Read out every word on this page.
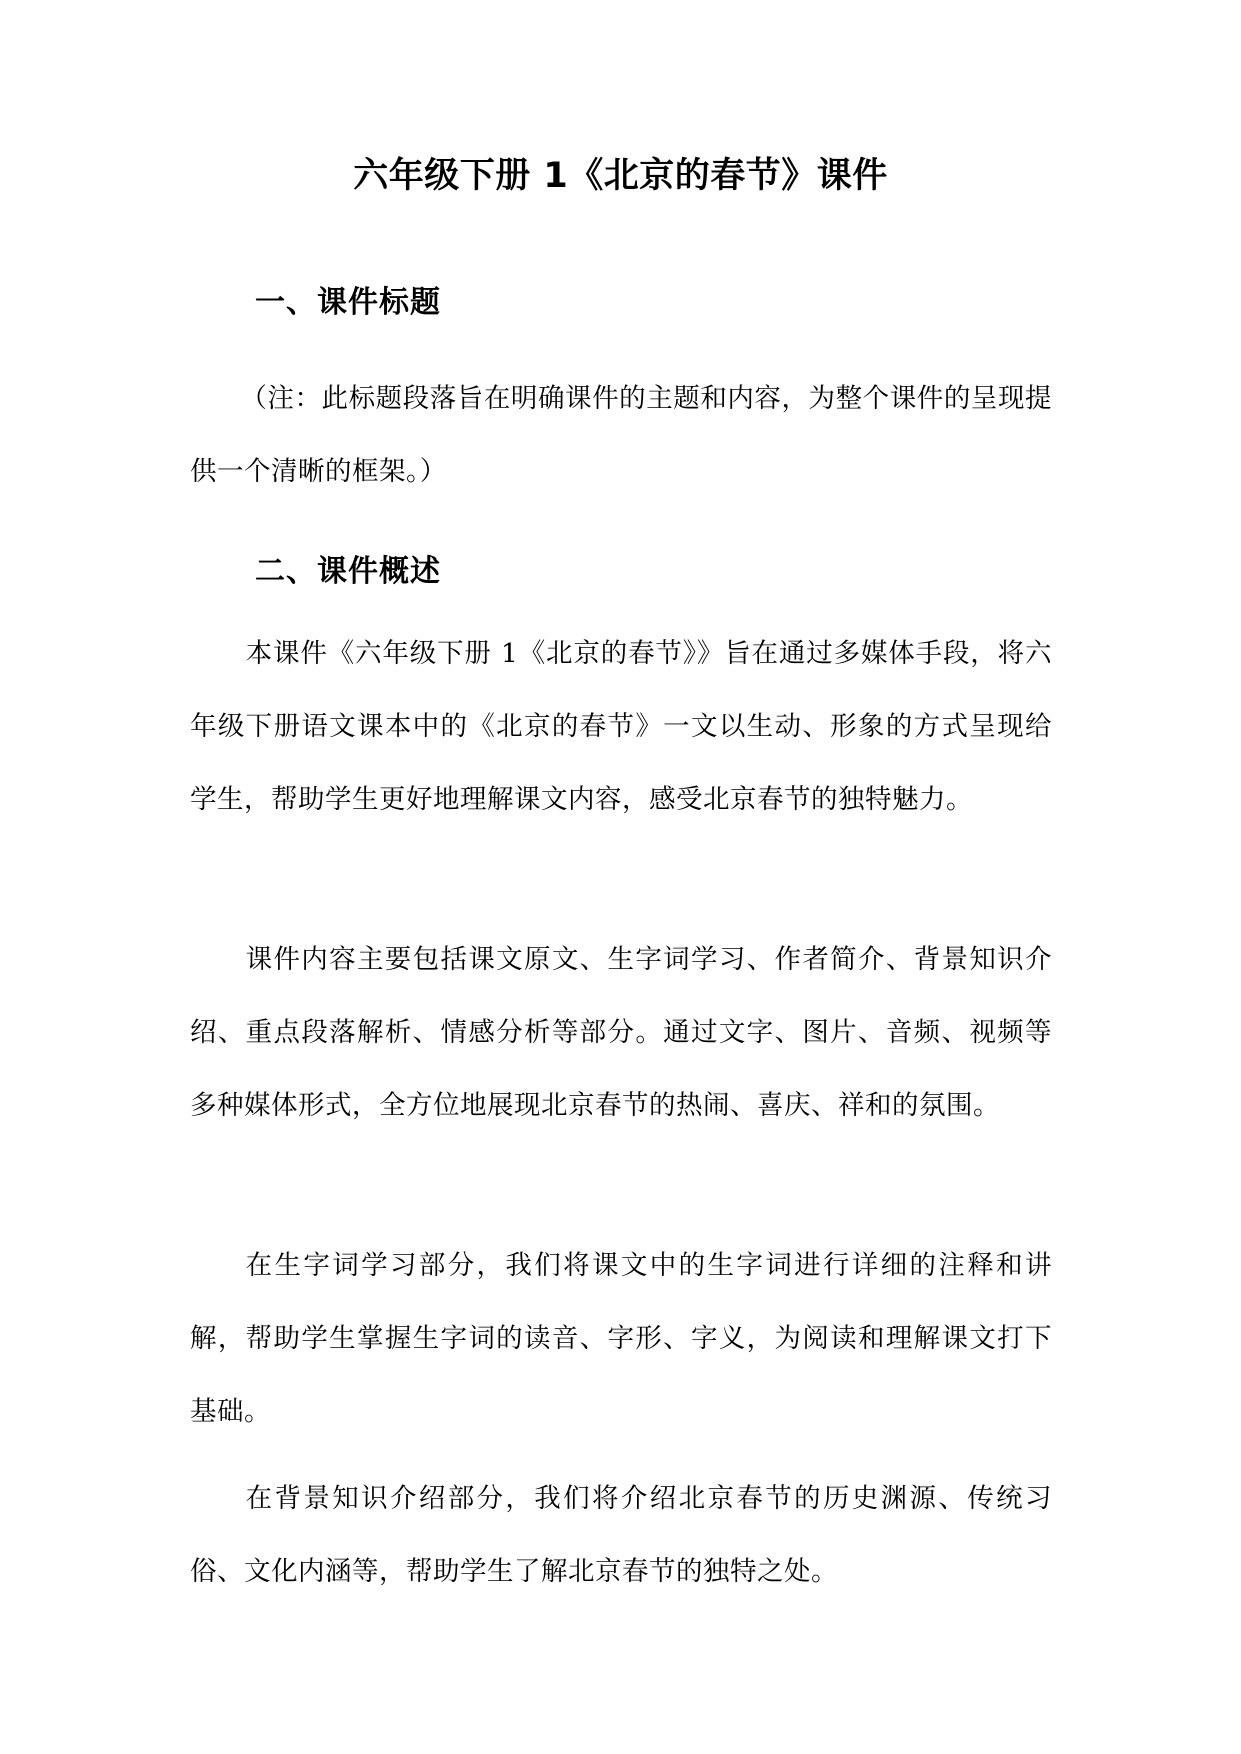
六年级下册 1《北京的春节》课件
一、课件标题

（注：此标题段落旨在明确课件的主题和内容，为整个课件的呈现提供一个清晰的框架。）

二、课件概述

本课件《六年级下册 1《北京的春节》》旨在通过多媒体手段，将六年级下册语文课本中的《北京的春节》一文以生动、形象的方式呈现给学生，帮助学生更好地理解课文内容，感受北京春节的独特魅力。

课件内容主要包括课文原文、生字词学习、作者简介、背景知识介绍、重点段落解析、情感分析等部分。通过文字、图片、音频、视频等多种媒体形式，全方位地展现北京春节的热闹、喜庆、祥和的氛围。

在生字词学习部分，我们将课文中的生字词进行详细的注释和讲解，帮助学生掌握生字词的读音、字形、字义，为阅读和理解课文打下基础。

在背景知识介绍部分，我们将介绍北京春节的历史渊源、传统习俗、文化内涵等，帮助学生了解北京春节的独特之处。
